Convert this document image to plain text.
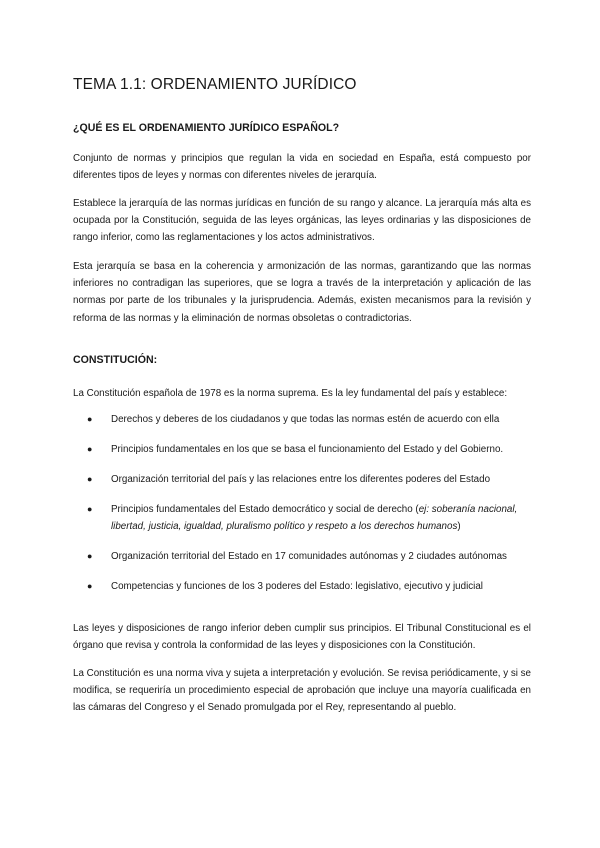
TEMA 1.1: ORDENAMIENTO JURÍDICO
¿QUÉ ES EL ORDENAMIENTO JURÍDICO ESPAÑOL?

Conjunto de normas y principios que regulan la vida en sociedad en España, está compuesto por diferentes tipos de leyes y normas con diferentes niveles de jerarquía.

Establece la jerarquía de las normas jurídicas en función de su rango y alcance. La jerarquía más alta es ocupada por la Constitución, seguida de las leyes orgánicas, las leyes ordinarias y las disposiciones de rango inferior, como las reglamentaciones y los actos administrativos.

Esta jerarquía se basa en la coherencia y armonización de las normas, garantizando que las normas inferiores no contradigan las superiores, que se logra a través de la interpretación y aplicación de las normas por parte de los tribunales y la jurisprudencia. Además, existen mecanismos para la revisión y reforma de las normas y la eliminación de normas obsoletas o contradictorias.

CONSTITUCIÓN:

La Constitución española de 1978 es la norma suprema. Es la ley fundamental del país y establece:

● Derechos y deberes de los ciudadanos y que todas las normas estén de acuerdo con ella
● Principios fundamentales en los que se basa el funcionamiento del Estado y del Gobierno.
● Organización territorial del país y las relaciones entre los diferentes poderes del Estado
● Principios fundamentales del Estado democrático y social de derecho (ej: soberanía nacional, libertad, justicia, igualdad, pluralismo político y respeto a los derechos humanos)
● Organización territorial del Estado en 17 comunidades autónomas y 2 ciudades autónomas
● Competencias y funciones de los 3 poderes del Estado: legislativo, ejecutivo y judicial

Las leyes y disposiciones de rango inferior deben cumplir sus principios. El Tribunal Constitucional es el órgano que revisa y controla la conformidad de las leyes y disposiciones con la Constitución.

La Constitución es una norma viva y sujeta a interpretación y evolución. Se revisa periódicamente, y si se modifica, se requeriría un procedimiento especial de aprobación que incluye una mayoría cualificada en las cámaras del Congreso y el Senado promulgada por el Rey, representando al pueblo.
